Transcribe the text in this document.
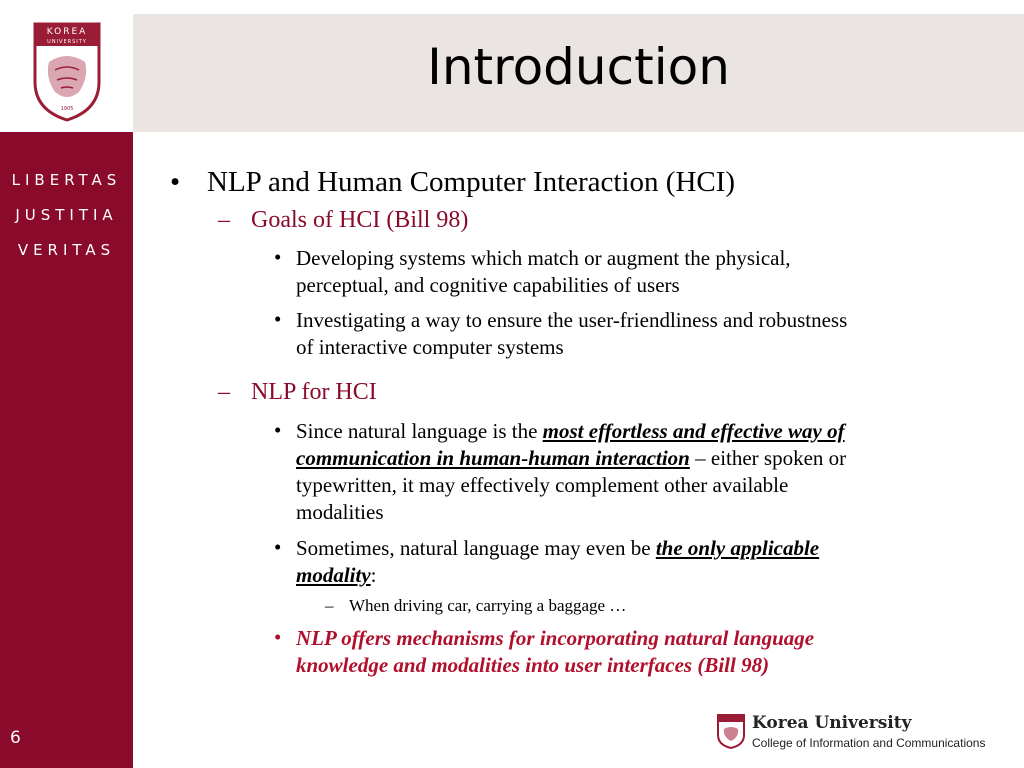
KOREA
UNIVERSITY
1905
LIBERTAS
JUSTITIA
VERITAS
6
Introduction
• NLP and Human Computer Interaction (HCI)
– Goals of HCI (Bill 98)
• Developing systems which match or augment the physical,
perceptual, and cognitive capabilities of users
• Investigating a way to ensure the user-friendliness and robustness
of interactive computer systems
– NLP for HCI
• Since natural language is the most effortless and effective way of
communication in human-human interaction – either spoken or
typewritten, it may effectively complement other available
modalities
• Sometimes, natural language may even be the only applicable
modality:
– When driving car, carrying a baggage …
• NLP offers mechanisms for incorporating natural language
knowledge and modalities into user interfaces (Bill 98)
Korea University
College of Information and Communications
